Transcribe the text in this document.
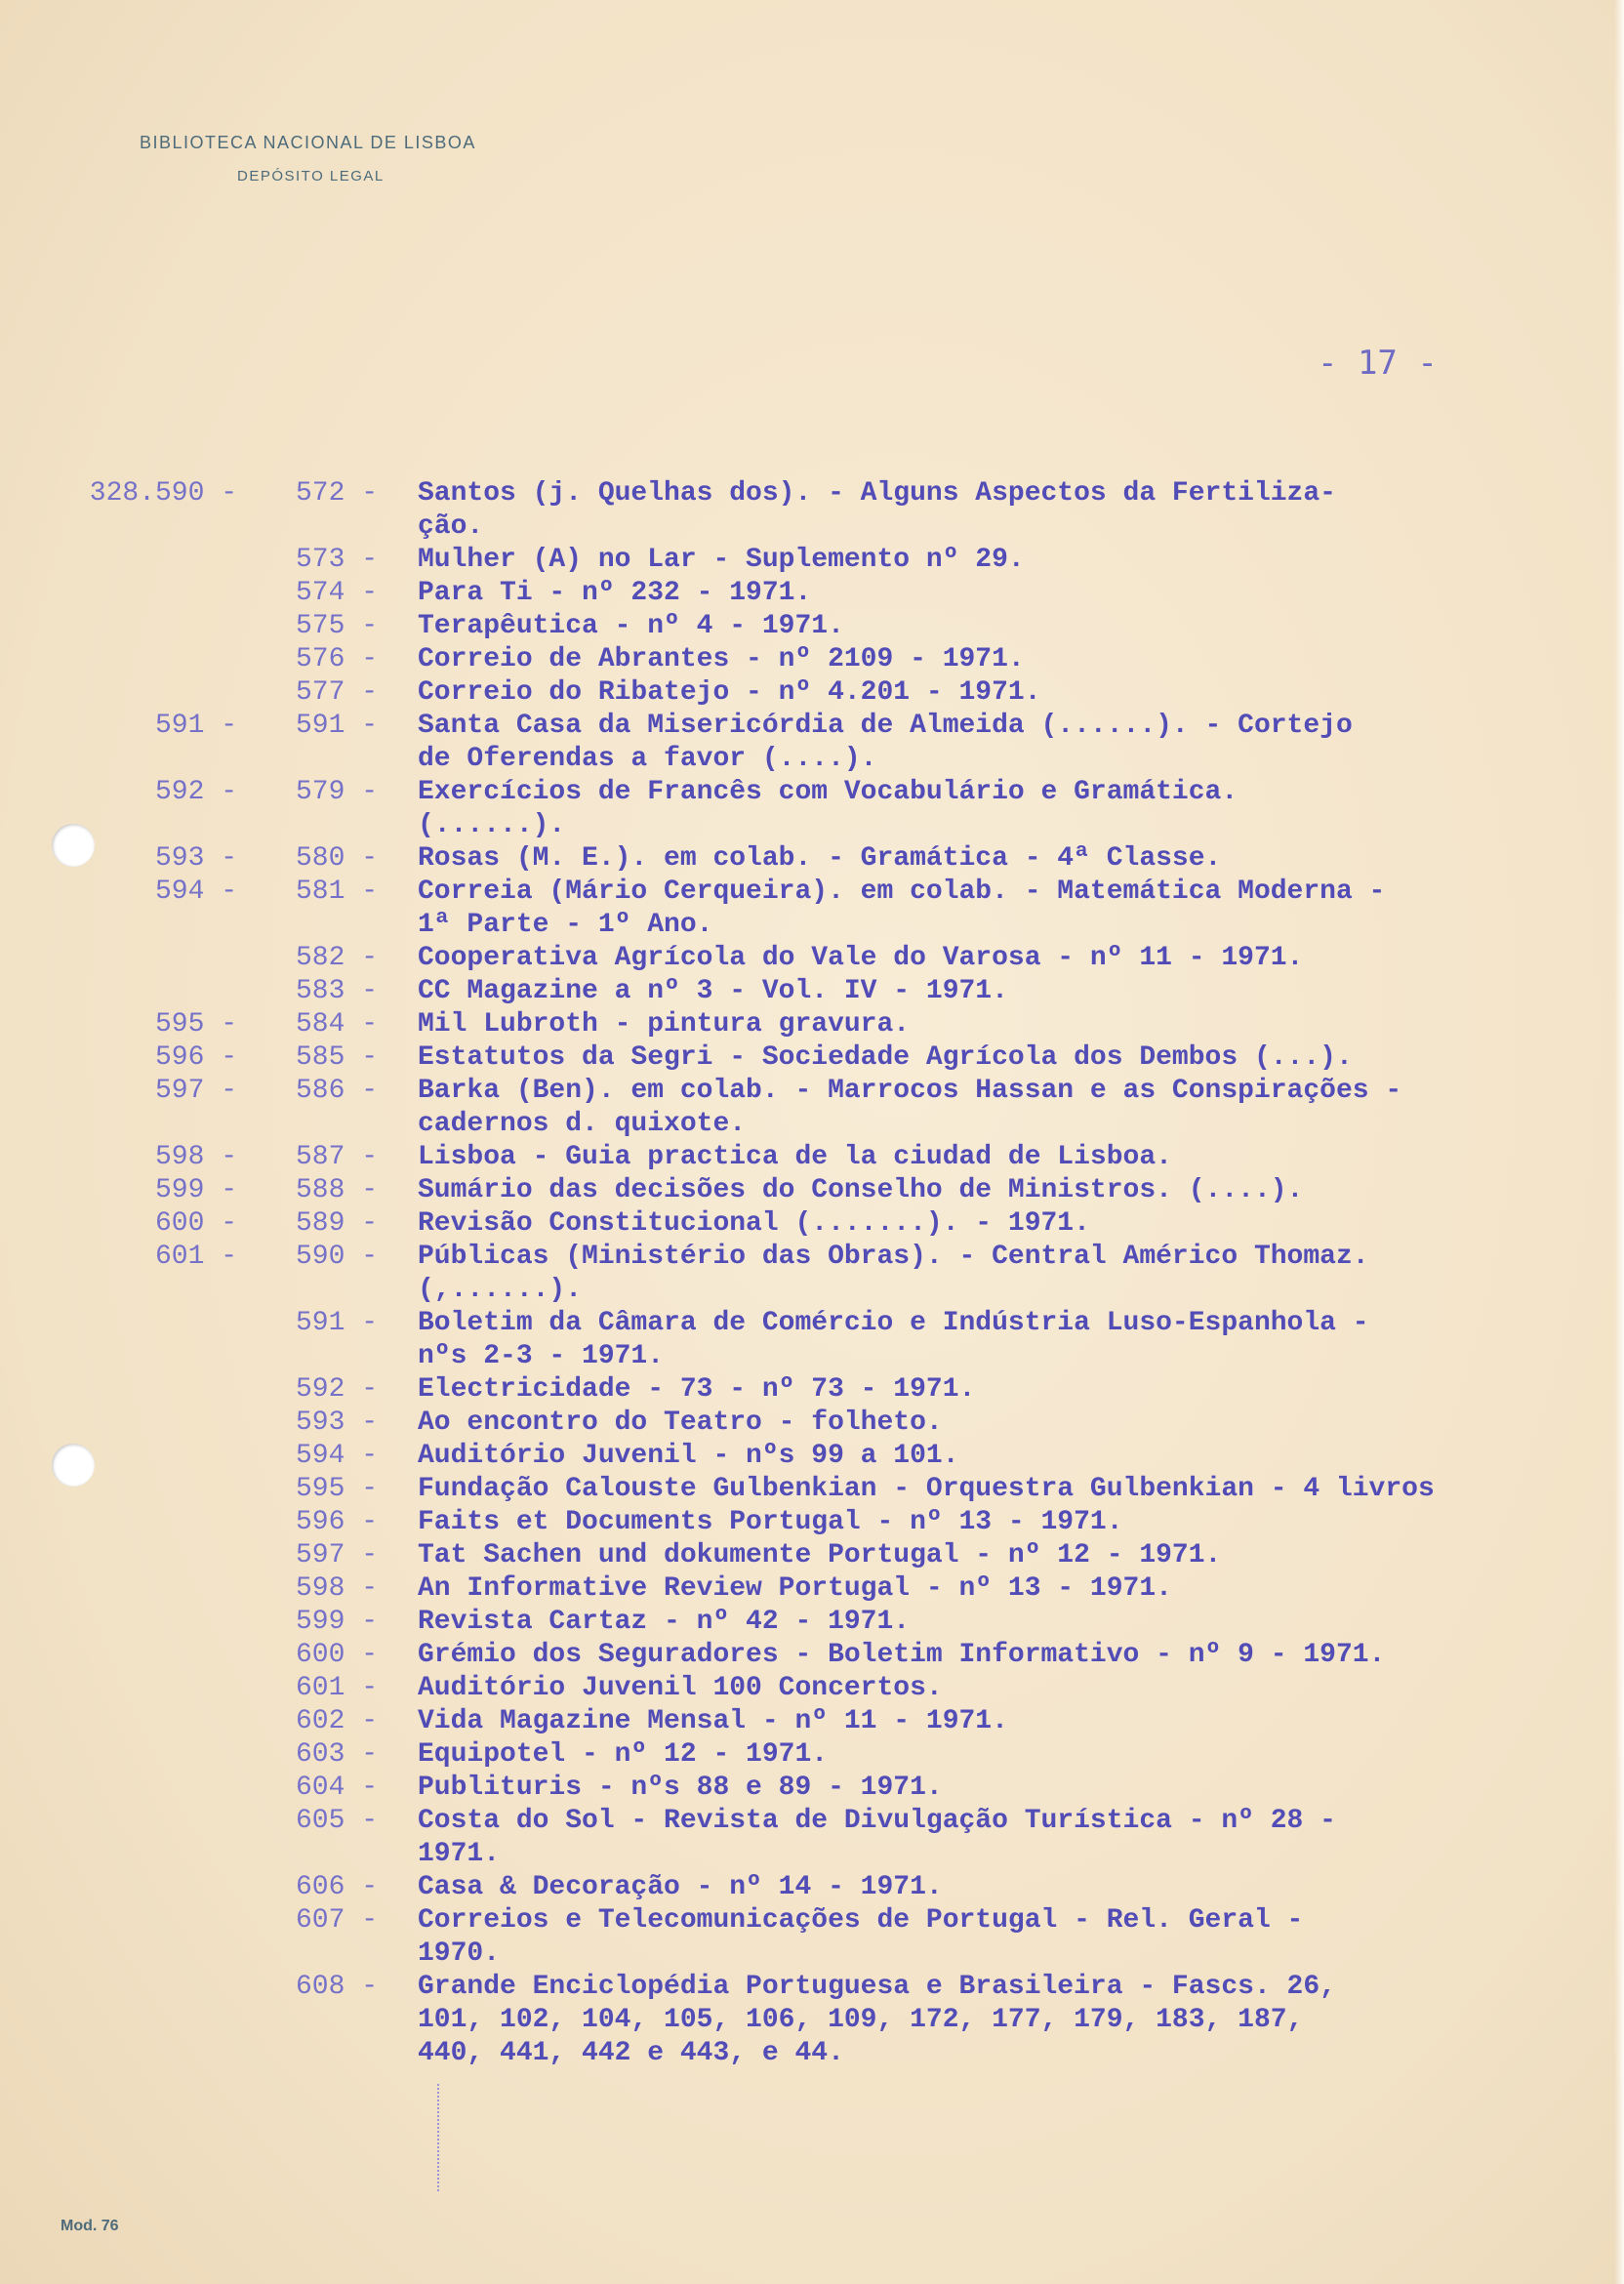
BIBLIOTECA NACIONAL DE LISBOA
DEPÓSITO LEGAL
- 17 -
328.590 - 572 - Santos (j. Quelhas dos). - Alguns Aspectos da Fertiliza-
ção.
573 - Mulher (A) no Lar - Suplemento nº 29.
574 - Para Ti - nº 232 - 1971.
575 - Terapêutica - nº 4 - 1971.
576 - Correio de Abrantes - nº 2109 - 1971.
577 - Correio do Ribatejo - nº 4.201 - 1971.
591 - 591 - Santa Casa da Misericórdia de Almeida (......). - Cortejo
de Oferendas a favor (....).
592 - 579 - Exercícios de Francês com Vocabulário e Gramática.
(......).
593 - 580 - Rosas (M. E.). em colab. - Gramática - 4ª Classe.
594 - 581 - Correia (Mário Cerqueira). em colab. - Matemática Moderna -
1ª Parte - 1º Ano.
582 - Cooperativa Agrícola do Vale do Varosa - nº 11 - 1971.
583 - CC Magazine a nº 3 - Vol. IV - 1971.
595 - 584 - Mil Lubroth - pintura gravura.
596 - 585 - Estatutos da Segri - Sociedade Agrícola dos Dembos (...).
597 - 586 - Barka (Ben). em colab. - Marrocos Hassan e as Conspirações -
cadernos d. quixote.
598 - 587 - Lisboa - Guia practica de la ciudad de Lisboa.
599 - 588 - Sumário das decisões do Conselho de Ministros. (....).
600 - 589 - Revisão Constitucional (.......). - 1971.
601 - 590 - Públicas (Ministério das Obras). - Central Américo Thomaz.
(,......).
591 - Boletim da Câmara de Comércio e Indústria Luso-Espanhola -
nºs 2-3 - 1971.
592 - Electricidade - 73 - nº 73 - 1971.
593 - Ao encontro do Teatro - folheto.
594 - Auditório Juvenil - nºs 99 a 101.
595 - Fundação Calouste Gulbenkian - Orquestra Gulbenkian - 4 livros
596 - Faits et Documents Portugal - nº 13 - 1971.
597 - Tat Sachen und dokumente Portugal - nº 12 - 1971.
598 - An Informative Review Portugal - nº 13 - 1971.
599 - Revista Cartaz - nº 42 - 1971.
600 - Grémio dos Seguradores - Boletim Informativo - nº 9 - 1971.
601 - Auditório Juvenil 100 Concertos.
602 - Vida Magazine Mensal - nº 11 - 1971.
603 - Equipotel - nº 12 - 1971.
604 - Publituris - nºs 88 e 89 - 1971.
605 - Costa do Sol - Revista de Divulgação Turística - nº 28 -
1971.
606 - Casa & Decoração - nº 14 - 1971.
607 - Correios e Telecomunicações de Portugal - Rel. Geral -
1970.
608 - Grande Enciclopédia Portuguesa e Brasileira - Fascs. 26,
101, 102, 104, 105, 106, 109, 172, 177, 179, 183, 187,
440, 441, 442 e 443, e 44.
Mod. 76
